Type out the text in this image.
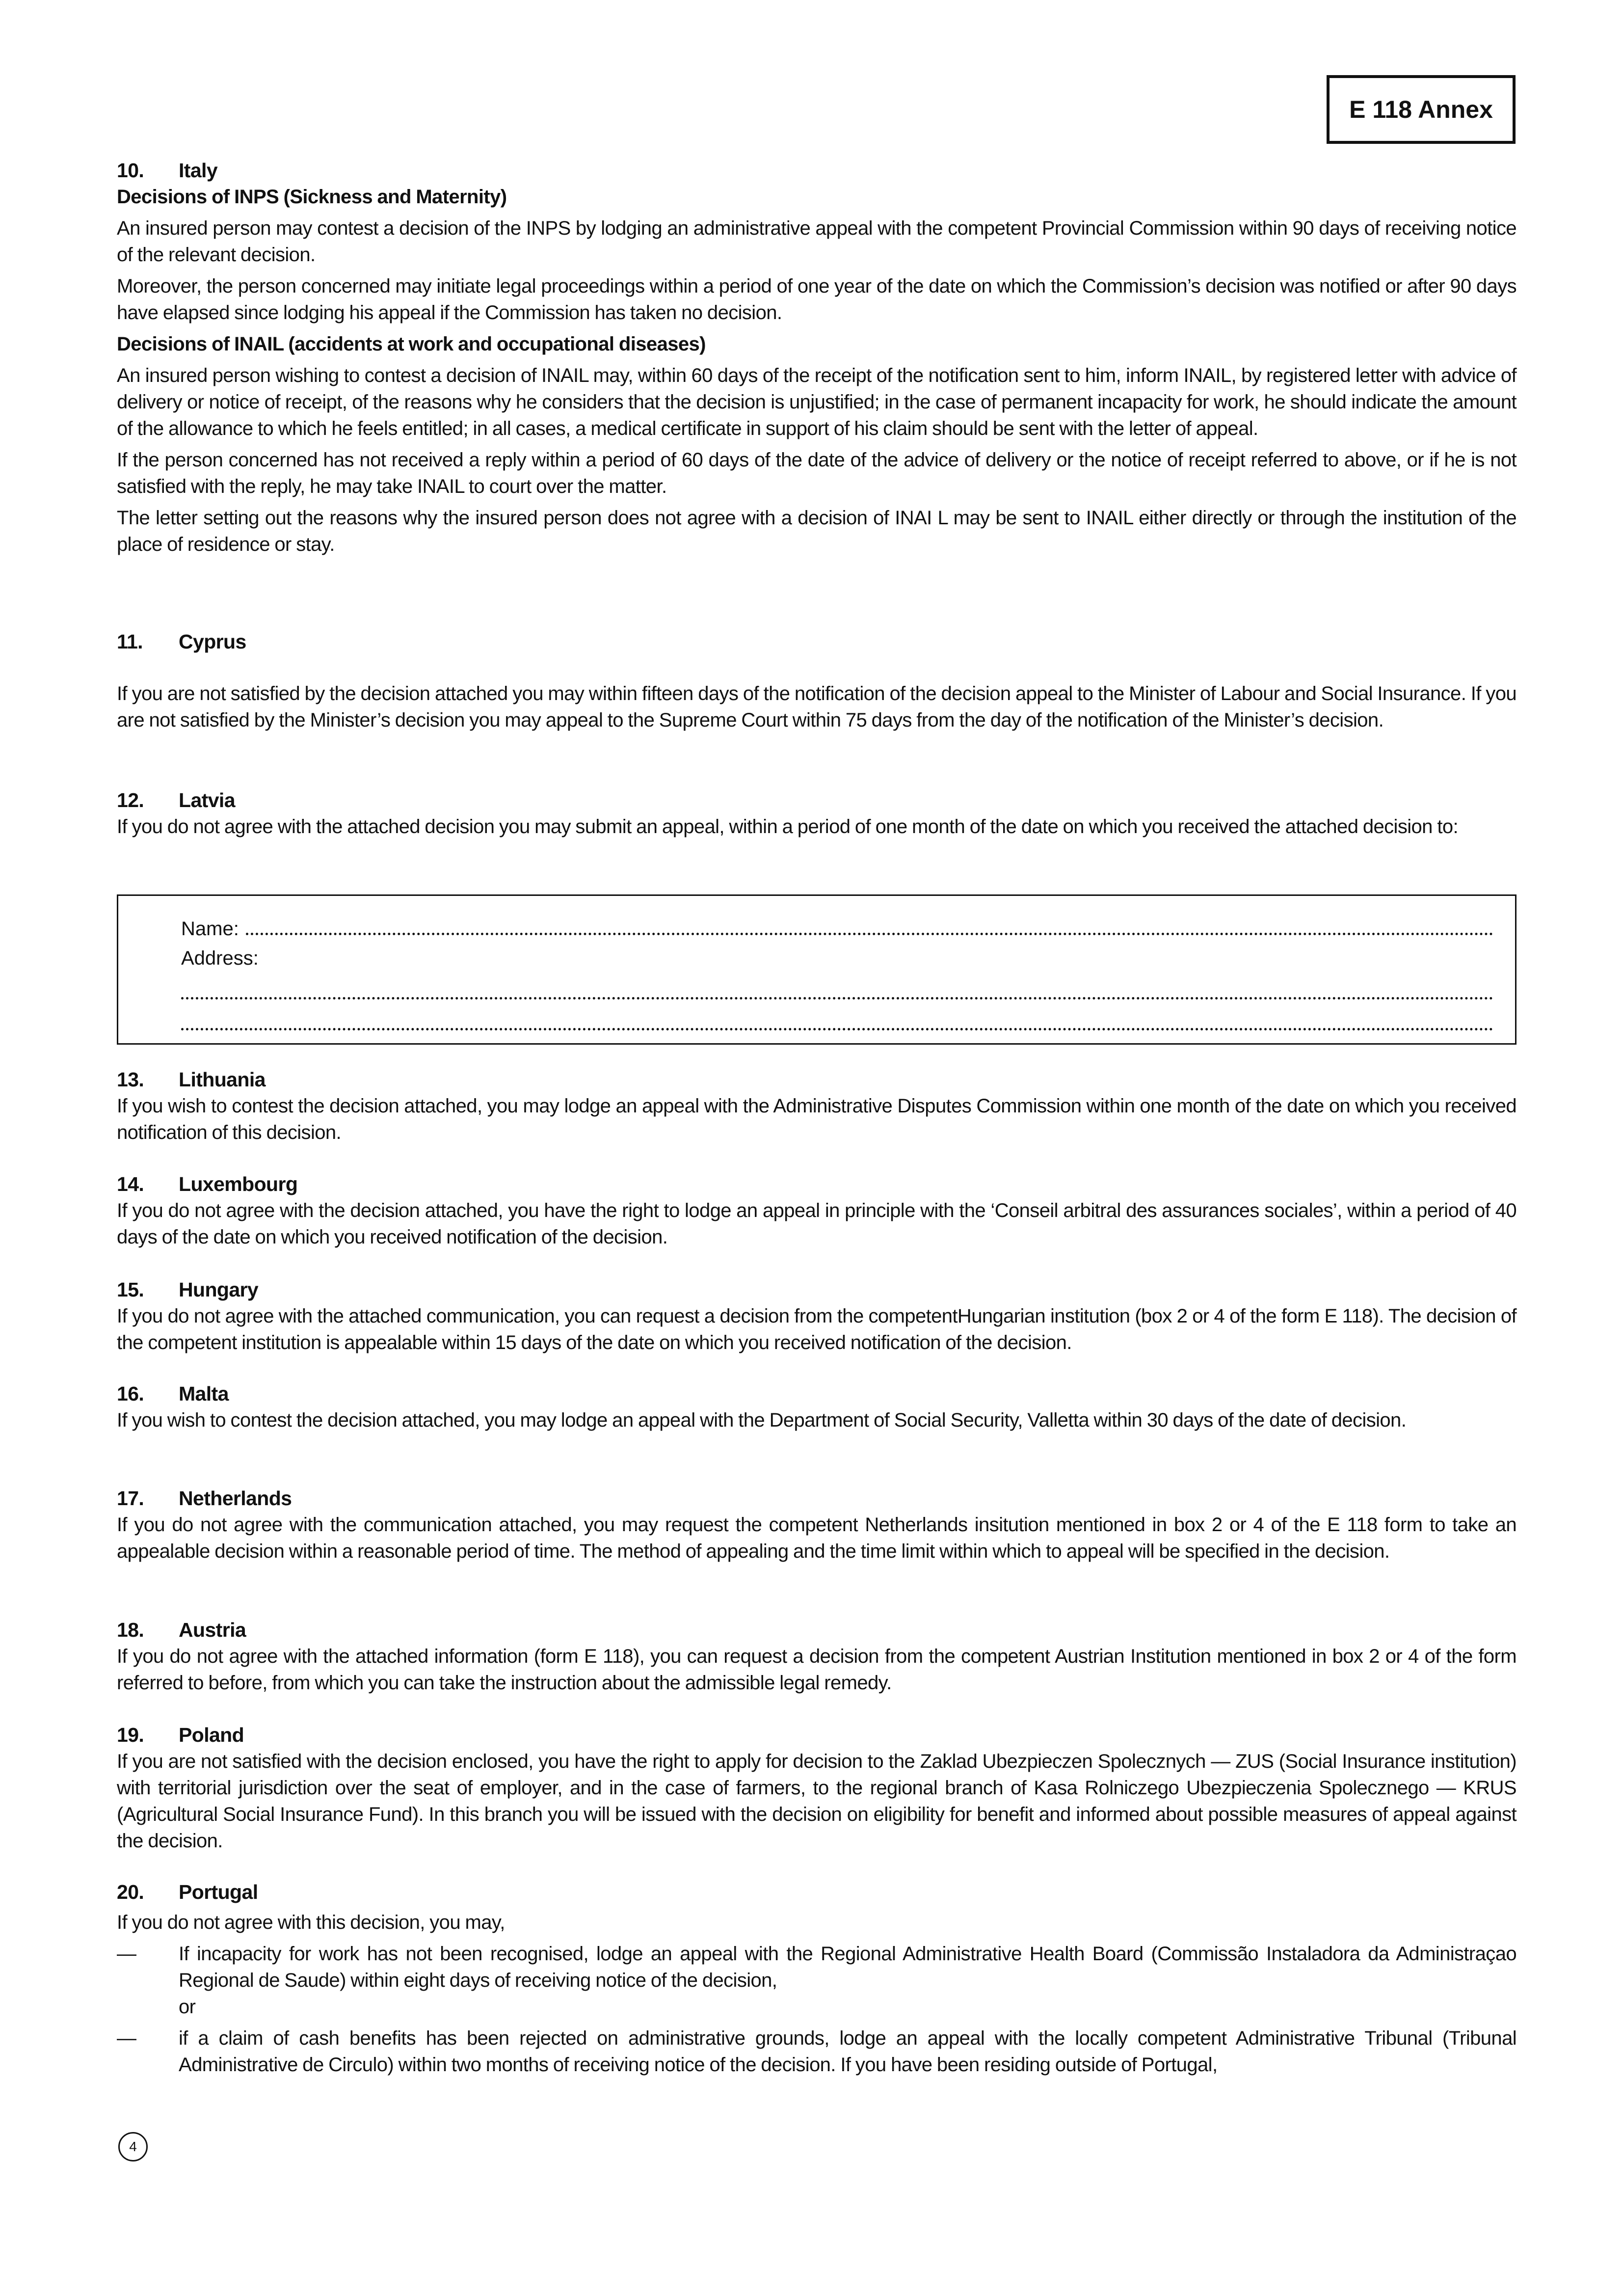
E 118 Annex
10. Italy
Decisions of INPS (Sickness and Maternity)

An insured person may contest a decision of the INPS by lodging an administrative appeal with the competent Provincial Commission within 90 days of receiving notice of the relevant decision.

Moreover, the person concerned may initiate legal proceedings within a period of one year of the date on which the Commission’s decision was notified or after 90 days have elapsed since lodging his appeal if the Commission has taken no decision.

Decisions of INAIL (accidents at work and occupational diseases)

An insured person wishing to contest a decision of INAIL may, within 60 days of the receipt of the notification sent to him, inform INAIL, by registered letter with advice of delivery or notice of receipt, of the reasons why he considers that the decision is unjustified; in the case of permanent incapacity for work, he should indicate the amount of the allowance to which he feels entitled; in all cases, a medical certificate in support of his claim should be sent with the letter of appeal.

If the person concerned has not received a reply within a period of 60 days of the date of the advice of delivery or the notice of receipt referred to above, or if he is not satisfied with the reply, he may take INAIL to court over the matter.

The letter setting out the reasons why the insured person does not agree with a decision of INAI L may be sent to INAIL either directly or through the institution of the place of residence or stay.

11. Cyprus

If you are not satisfied by the decision attached you may within fifteen days of the notification of the decision appeal to the Minister of Labour and Social Insurance. If you are not satisfied by the Minister’s decision you may appeal to the Supreme Court within 75 days from the day of the notification of the Minister’s decision.

12. Latvia

If you do not agree with the attached decision you may submit an appeal, within a period of one month of the date on which you received the attached decision to:

Name:
Address:
13. Lithuania

If you wish to contest the decision attached, you may lodge an appeal with the Administrative Disputes Commission within one month of the date on which you received notification of this decision.

14. Luxembourg

If you do not agree with the decision attached, you have the right to lodge an appeal in principle with the ‘Conseil arbitral des assurances sociales’, within a period of 40 days of the date on which you received notification of the decision.

15. Hungary

If you do not agree with the attached communication, you can request a decision from the competentHungarian institution (box 2 or 4 of the form E 118). The decision of the competent institution is appealable within 15 days of the date on which you received notification of the decision.

16. Malta

If you wish to contest the decision attached, you may lodge an appeal with the Department of Social Security, Valletta within 30 days of the date of decision.

17. Netherlands

If you do not agree with the communication attached, you may request the competent Netherlands insitution mentioned in box 2 or 4 of the E 118 form to take an appealable decision within a reasonable period of time. The method of appealing and the time limit within which to appeal will be specified in the decision.

18. Austria

If you do not agree with the attached information (form E 118), you can request a decision from the competent Austrian Institution mentioned in box 2 or 4 of the form referred to before, from which you can take the instruction about the admissible legal remedy.

19. Poland

If you are not satisfied with the decision enclosed, you have the right to apply for decision to the Zaklad Ubezpieczen Spolecznych — ZUS (Social Insurance institution) with territorial jurisdiction over the seat of employer, and in the case of farmers, to the regional branch of Kasa Rolniczego Ubezpieczenia Spolecznego — KRUS (Agricultural Social Insurance Fund). In this branch you will be issued with the decision on eligibility for benefit and informed about possible measures of appeal against the decision.

20. Portugal

If you do not agree with this decision, you may,

—	If incapacity for work has not been recognised, lodge an appeal with the Regional Administrative Health Board (Commissão Instaladora da Administraçao Regional de Saude) within eight days of receiving notice of the decision,
or
—	if a claim of cash benefits has been rejected on administrative grounds, lodge an appeal with the locally competent Administrative Tribunal (Tribunal Administrative de Circulo) within two months of receiving notice of the decision. If you have been residing outside of Portugal,
4
